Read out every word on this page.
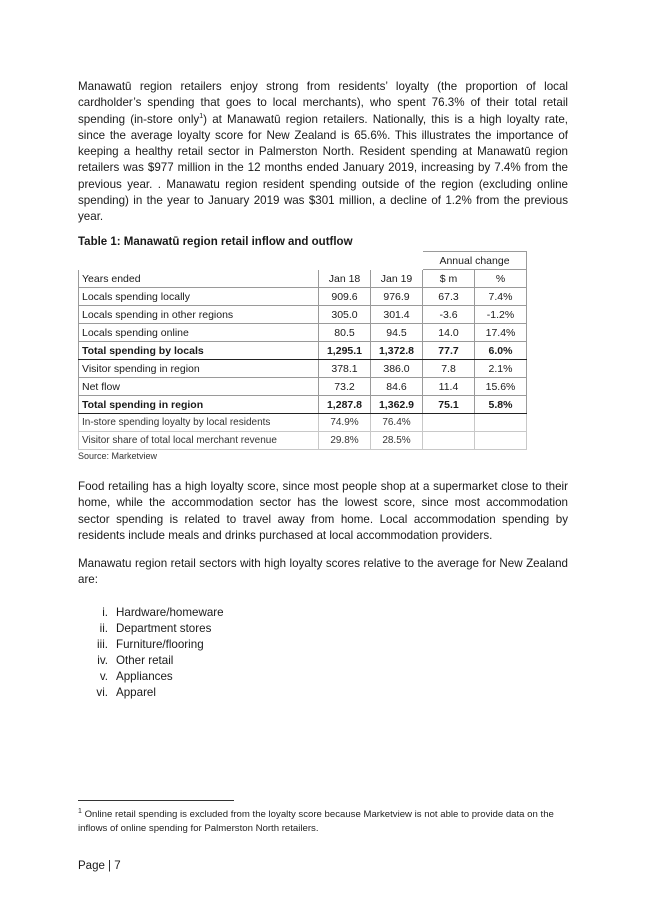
Manawatū region retailers enjoy strong from residents’ loyalty (the proportion of local cardholder’s spending that goes to local merchants), who spent 76.3% of their total retail spending (in-store only$^1$) at Manawatū region retailers. Nationally, this is a high loyalty rate, since the average loyalty score for New Zealand is 65.6%. This illustrates the importance of keeping a healthy retail sector in Palmerston North. Resident spending at Manawatū region retailers was $977 million in the 12 months ended January 2019, increasing by 7.4% from the previous year. . Manawatu region resident spending outside of the region (excluding online spending) in the year to January 2019 was $301 million, a decline of 1.2% from the previous year.

Table 1: Manawatū region retail inflow and outflow

			Annual change	
Years ended	Jan 18	Jan 19	$ m	%
Locals spending locally	909.6	976.9	67.3	7.4%
Locals spending in other regions	305.0	301.4	-3.6	-1.2%
Locals spending online	80.5	94.5	14.0	17.4%
Total spending by locals	1,295.1	1,372.8	77.7	6.0%
Visitor spending in region	378.1	386.0	7.8	2.1%
Net flow	73.2	84.6	11.4	15.6%
Total spending in region	1,287.8	1,362.9	75.1	5.8%
In-store spending loyalty by local residents	74.9%	76.4%		
Visitor share of total local merchant revenue	29.8%	28.5%		

Source: Marketview

Food retailing has a high loyalty score, since most people shop at a supermarket close to their home, while the accommodation sector has the lowest score, since most accommodation sector spending is related to travel away from home. Local accommodation spending by residents include meals and drinks purchased at local accommodation providers.

Manawatu region retail sectors with high loyalty scores relative to the average for New Zealand are:

i. Hardware/homeware
ii. Department stores
iii. Furniture/flooring
iv. Other retail
v. Appliances
vi. Apparel

$^1$ Online retail spending is excluded from the loyalty score because Marketview is not able to provide data on the inflows of online spending for Palmerston North retailers.

Page | 7
